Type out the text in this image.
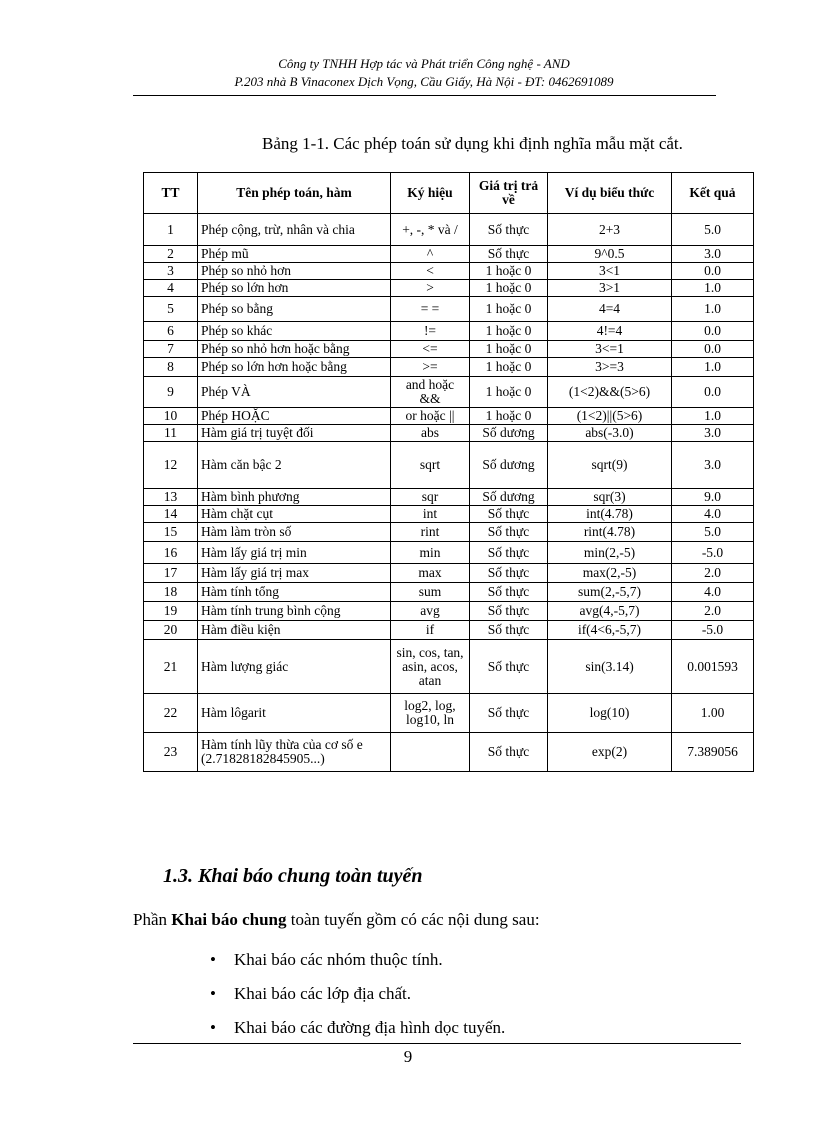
Công ty TNHH Hợp tác và Phát triển Công nghệ - AND
P.203 nhà B Vinaconex Dịch Vọng, Cầu Giấy, Hà Nội - ĐT: 0462691089
Bảng 1-1. Các phép toán sử dụng khi định nghĩa mẫu mặt cắt.
TT	Tên phép toán, hàm	Ký hiệu	Giá trị trả về	Ví dụ biểu thức	Kết quả
1	Phép cộng, trừ, nhân và chia	+, -, * và /	Số thực	2+3	5.0
2	Phép mũ	^	Số thực	9^0.5	3.0
3	Phép so nhỏ hơn	<	1 hoặc 0	3<1	0.0
4	Phép so lớn hơn	>	1 hoặc 0	3>1	1.0
5	Phép so bằng	= =	1 hoặc 0	4=4	1.0
6	Phép so khác	!=	1 hoặc 0	4!=4	0.0
7	Phép so nhỏ hơn hoặc bằng	<=	1 hoặc 0	3<=1	0.0
8	Phép so lớn hơn hoặc bằng	>=	1 hoặc 0	3>=3	1.0
9	Phép VÀ	and hoặc &&	1 hoặc 0	(1<2)&&(5>6)	0.0
10	Phép HOẶC	or hoặc ||	1 hoặc 0	(1<2)||(5>6)	1.0
11	Hàm giá trị tuyệt đối	abs	Số dương	abs(-3.0)	3.0
12	Hàm căn bậc 2	sqrt	Số dương	sqrt(9)	3.0
13	Hàm bình phương	sqr	Số dương	sqr(3)	9.0
14	Hàm chặt cụt	int	Số thực	int(4.78)	4.0
15	Hàm làm tròn số	rint	Số thực	rint(4.78)	5.0
16	Hàm lấy giá trị min	min	Số thực	min(2,-5)	-5.0
17	Hàm lấy giá trị max	max	Số thực	max(2,-5)	2.0
18	Hàm tính tổng	sum	Số thực	sum(2,-5,7)	4.0
19	Hàm tính trung bình cộng	avg	Số thực	avg(4,-5,7)	2.0
20	Hàm điều kiện	if	Số thực	if(4<6,-5,7)	-5.0
21	Hàm lượng giác	sin, cos, tan, asin, acos, atan	Số thực	sin(3.14)	0.001593
22	Hàm lôgarit	log2, log, log10, ln	Số thực	log(10)	1.00
23	Hàm tính lũy thừa của cơ số e (2.71828182845905...)		Số thực	exp(2)	7.389056
1.3. Khai báo chung toàn tuyến
Phần Khai báo chung toàn tuyến gồm có các nội dung sau:
•	Khai báo các nhóm thuộc tính.
•	Khai báo các lớp địa chất.
•	Khai báo các đường địa hình dọc tuyến.
9
